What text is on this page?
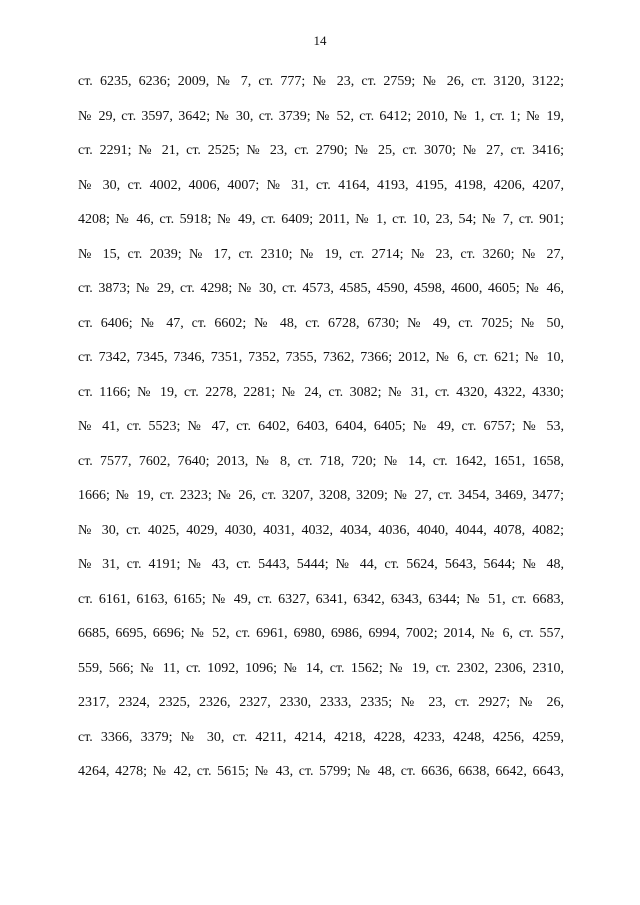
14
ст. 6235, 6236; 2009, № 7, ст. 777; № 23, ст. 2759; № 26, ст. 3120, 3122;
№ 29, ст. 3597, 3642; № 30, ст. 3739; № 52, ст. 6412; 2010, № 1, ст. 1; № 19,
ст. 2291; № 21, ст. 2525; № 23, ст. 2790; № 25, ст. 3070; № 27, ст. 3416;
№ 30, ст. 4002, 4006, 4007; № 31, ст. 4164, 4193, 4195, 4198, 4206, 4207,
4208; № 46, ст. 5918; № 49, ст. 6409; 2011, № 1, ст. 10, 23, 54; № 7, ст. 901;
№ 15, ст. 2039; № 17, ст. 2310; № 19, ст. 2714; № 23, ст. 3260; № 27,
ст. 3873; № 29, ст. 4298; № 30, ст. 4573, 4585, 4590, 4598, 4600, 4605; № 46,
ст. 6406; № 47, ст. 6602; № 48, ст. 6728, 6730; № 49, ст. 7025; № 50,
ст. 7342, 7345, 7346, 7351, 7352, 7355, 7362, 7366; 2012, № 6, ст. 621; № 10,
ст. 1166; № 19, ст. 2278, 2281; № 24, ст. 3082; № 31, ст. 4320, 4322, 4330;
№ 41, ст. 5523; № 47, ст. 6402, 6403, 6404, 6405; № 49, ст. 6757; № 53,
ст. 7577, 7602, 7640; 2013, № 8, ст. 718, 720; № 14, ст. 1642, 1651, 1658,
1666; № 19, ст. 2323; № 26, ст. 3207, 3208, 3209; № 27, ст. 3454, 3469, 3477;
№ 30, ст. 4025, 4029, 4030, 4031, 4032, 4034, 4036, 4040, 4044, 4078, 4082;
№ 31, ст. 4191; № 43, ст. 5443, 5444; № 44, ст. 5624, 5643, 5644; № 48,
ст. 6161, 6163, 6165; № 49, ст. 6327, 6341, 6342, 6343, 6344; № 51, ст. 6683,
6685, 6695, 6696; № 52, ст. 6961, 6980, 6986, 6994, 7002; 2014, № 6, ст. 557,
559, 566; № 11, ст. 1092, 1096; № 14, ст. 1562; № 19, ст. 2302, 2306, 2310,
2317, 2324, 2325, 2326, 2327, 2330, 2333, 2335; № 23, ст. 2927; № 26,
ст. 3366, 3379; № 30, ст. 4211, 4214, 4218, 4228, 4233, 4248, 4256, 4259,
4264, 4278; № 42, ст. 5615; № 43, ст. 5799; № 48, ст. 6636, 6638, 6642, 6643,
